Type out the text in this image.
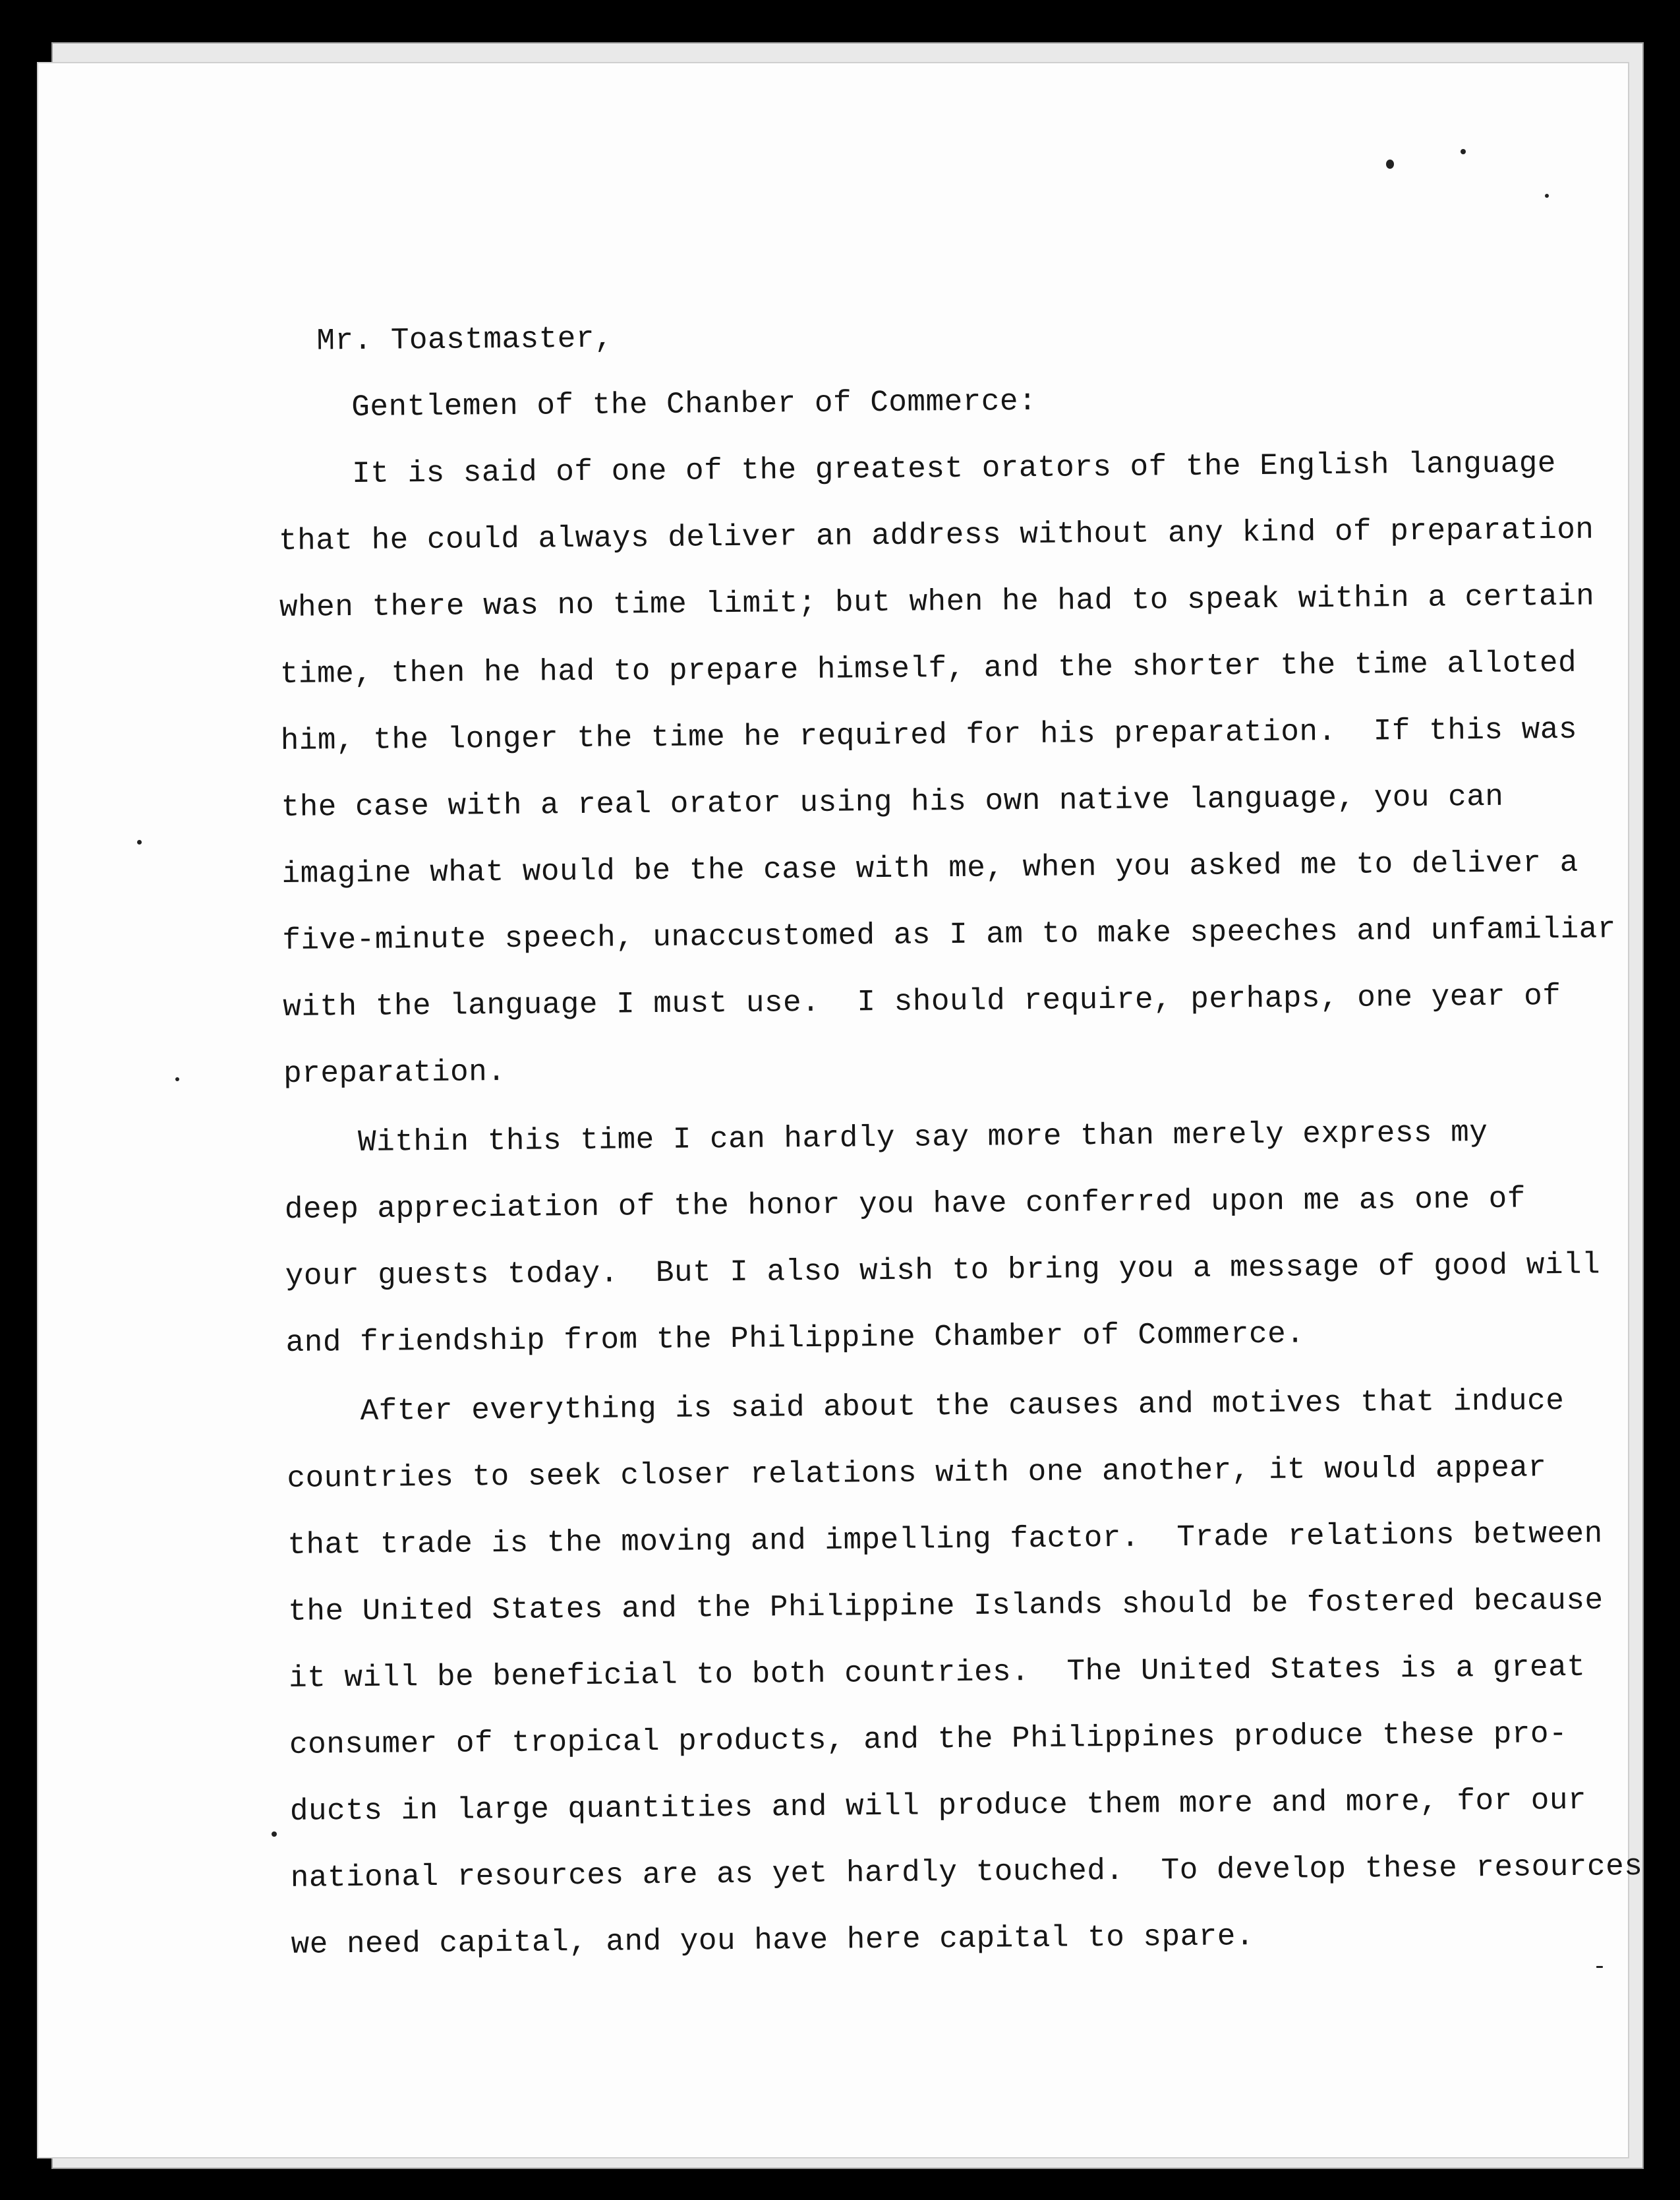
Mr. Toastmaster,
Gentlemen of the Chanber of Commerce:
It is said of one of the greatest orators of the English language
that he could always deliver an address without any kind of preparation
when there was no time limit; but when he had to speak within a certain
time, then he had to prepare himself, and the shorter the time alloted
him, the longer the time he required for his preparation.  If this was
the case with a real orator using his own native language, you can
imagine what would be the case with me, when you asked me to deliver a
five-minute speech, unaccustomed as I am to make speeches and unfamiliar
with the language I must use.  I should require, perhaps, one year of
preparation.
Within this time I can hardly say more than merely express my
deep appreciation of the honor you have conferred upon me as one of
your guests today.  But I also wish to bring you a message of good will
and friendship from the Philippine Chamber of Commerce.
After everything is said about the causes and motives that induce
countries to seek closer relations with one another, it would appear
that trade is the moving and impelling factor.  Trade relations between
the United States and the Philippine Islands should be fostered because
it will be beneficial to both countries.  The United States is a great
consumer of tropical products, and the Philippines produce these pro-
ducts in large quantities and will produce them more and more, for our
national resources are as yet hardly touched.  To develop these resources
we need capital, and you have here capital to spare.
